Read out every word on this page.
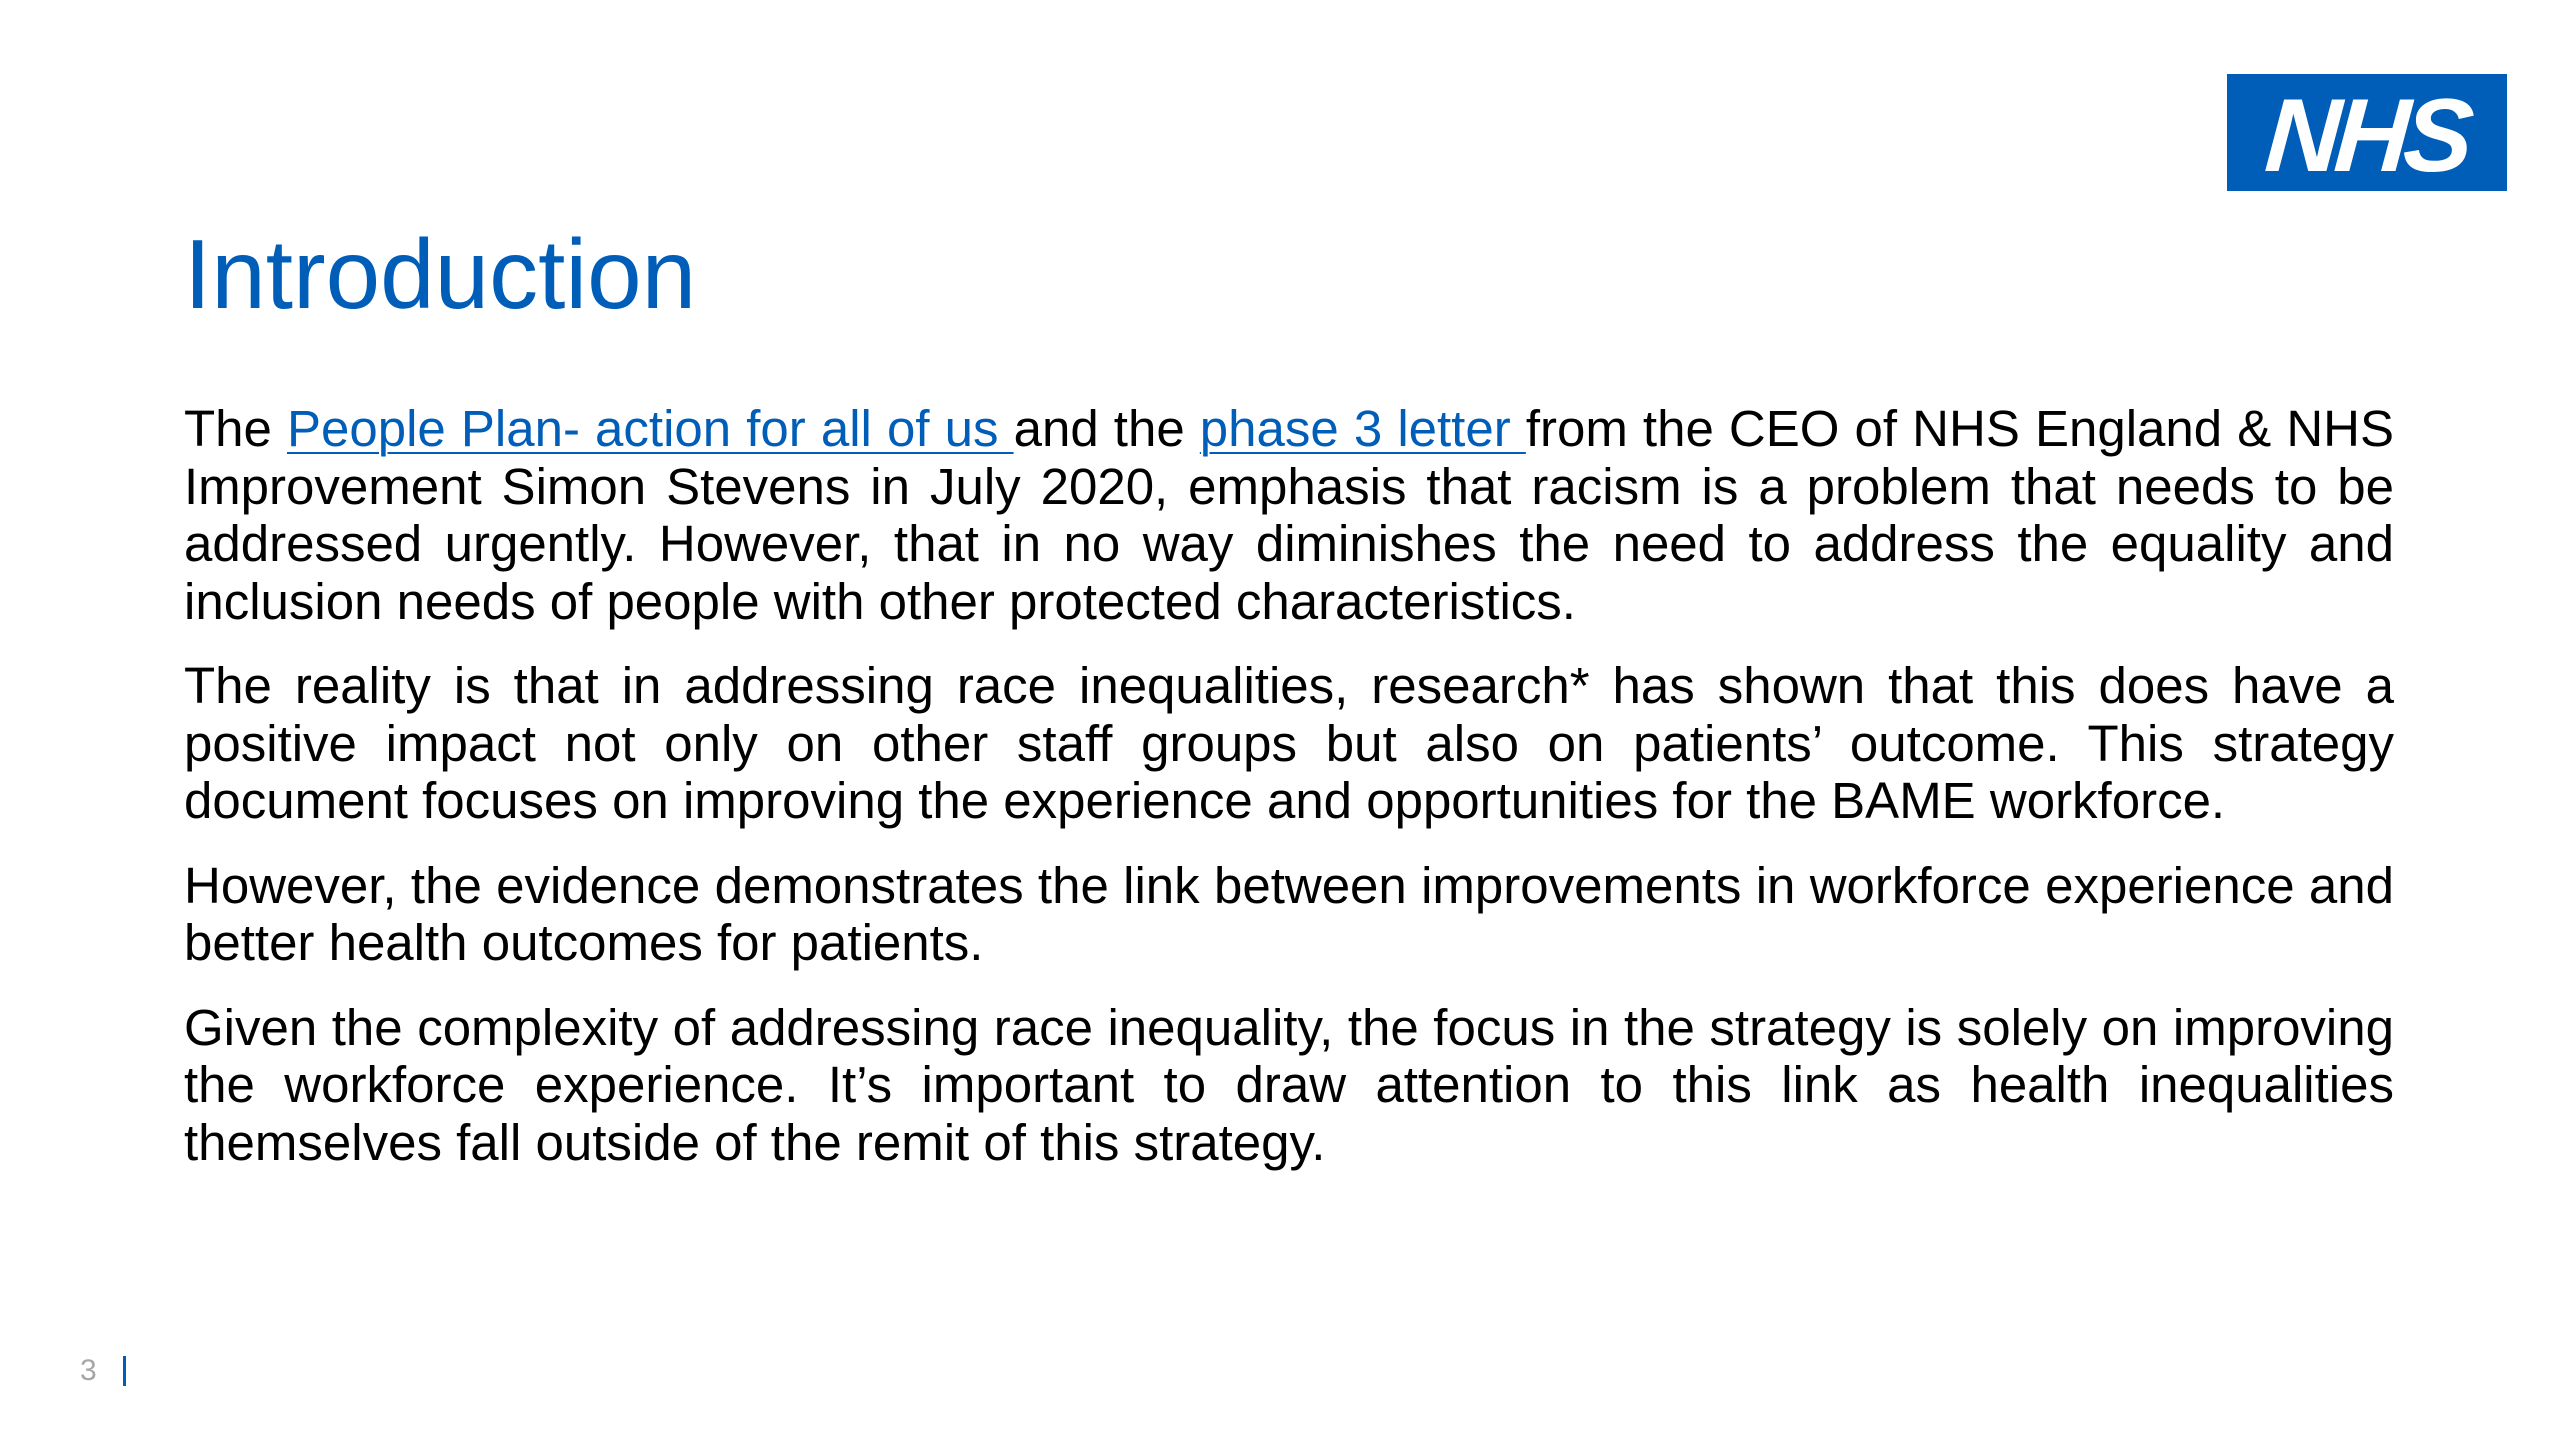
NHS
Introduction

The People Plan- action for all of us and the phase 3 letter from the CEO of NHS England & NHS Improvement Simon Stevens in July 2020, emphasis that racism is a problem that needs to be addressed urgently. However, that in no way diminishes the need to address the equality and inclusion needs of people with other protected characteristics.

The reality is that in addressing race inequalities, research* has shown that this does have a positive impact not only on other staff groups but also on patients’ outcome. This strategy document focuses on improving the experience and opportunities for the BAME workforce.

However, the evidence demonstrates the link between improvements in workforce experience and better health outcomes for patients.

Given the complexity of addressing race inequality, the focus in the strategy is solely on improving the workforce experience. It’s important to draw attention to this link as health inequalities themselves fall outside of the remit of this strategy.

3
